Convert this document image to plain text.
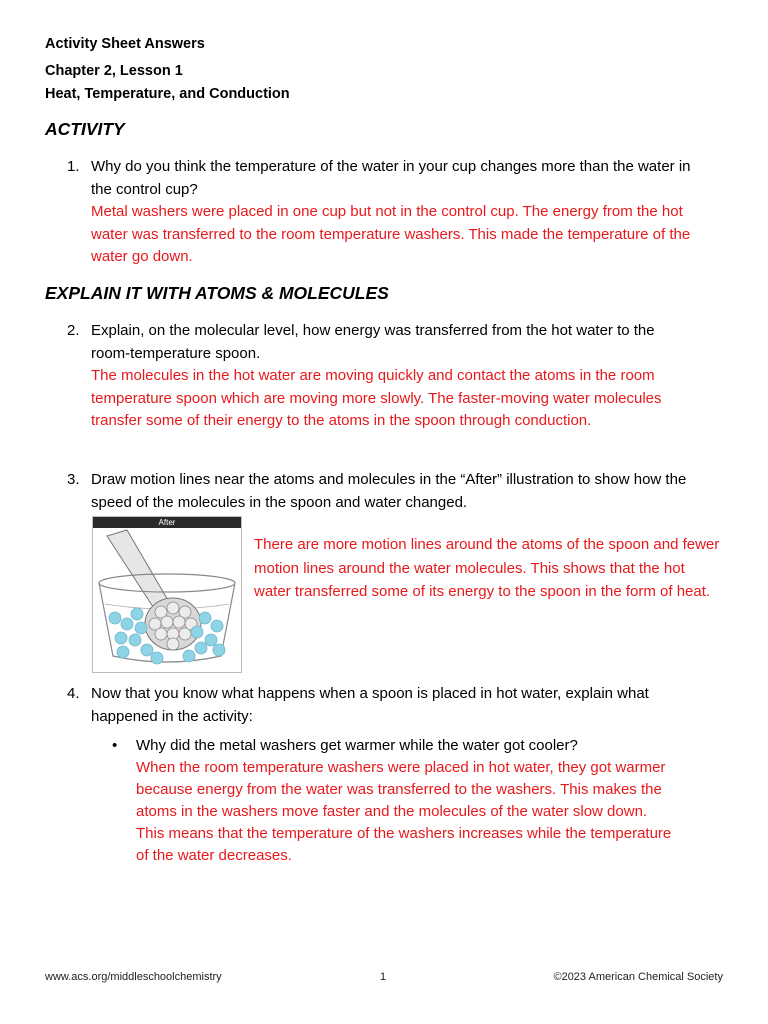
Activity Sheet Answers
Chapter 2, Lesson 1
Heat, Temperature, and Conduction
ACTIVITY
1. Why do you think the temperature of the water in your cup changes more than the water in the control cup?
Metal washers were placed in one cup but not in the control cup. The energy from the hot water was transferred to the room temperature washers. This made the temperature of the water go down.
EXPLAIN IT WITH ATOMS & MOLECULES
2. Explain, on the molecular level, how energy was transferred from the hot water to the room-temperature spoon.
The molecules in the hot water are moving quickly and contact the atoms in the room temperature spoon which are moving more slowly. The faster-moving water molecules transfer some of their energy to the atoms in the spoon through conduction.
3. Draw motion lines near the atoms and molecules in the “After” illustration to show how the speed of the molecules in the spoon and water changed.
After
There are more motion lines around the atoms of the spoon and fewer motion lines around the water molecules. This shows that the hot water transferred some of its energy to the spoon in the form of heat.
4. Now that you know what happens when a spoon is placed in hot water, explain what happened in the activity:
• Why did the metal washers get warmer while the water got cooler?
When the room temperature washers were placed in hot water, they got warmer because energy from the water was transferred to the washers. This makes the atoms in the washers move faster and the molecules of the water slow down. This means that the temperature of the washers increases while the temperature of the water decreases.
www.acs.org/middleschoolchemistry	1	©2023 American Chemical Society
